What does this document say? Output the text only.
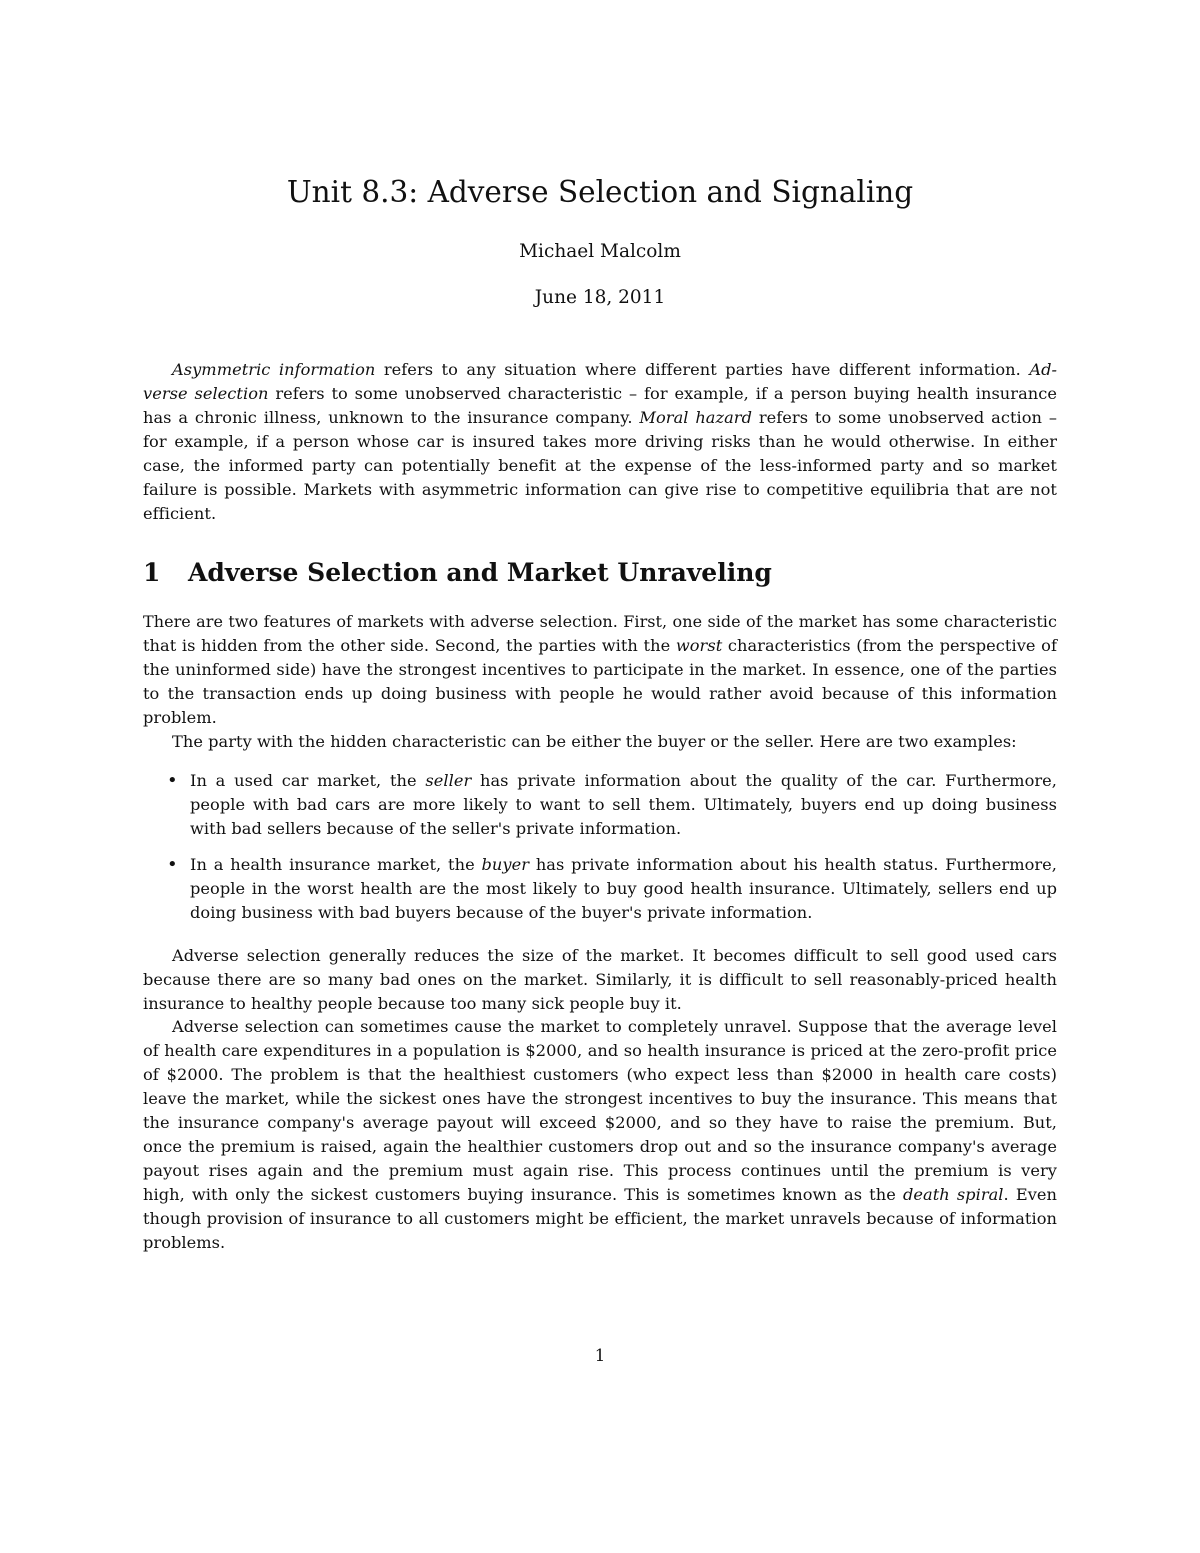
Unit 8.3: Adverse Selection and Signaling
Michael Malcolm
June 18, 2011
Asymmetric information refers to any situation where different parties have different information. Ad-
verse selection refers to some unobserved characteristic – for example, if a person buying health insurance
has a chronic illness, unknown to the insurance company. Moral hazard refers to some unobserved action –
for example, if a person whose car is insured takes more driving risks than he would otherwise. In either
case, the informed party can potentially benefit at the expense of the less-informed party and so market
failure is possible. Markets with asymmetric information can give rise to competitive equilibria that are not
efficient.
1 Adverse Selection and Market Unraveling
There are two features of markets with adverse selection. First, one side of the market has some characteristic
that is hidden from the other side. Second, the parties with the worst characteristics (from the perspective of
the uninformed side) have the strongest incentives to participate in the market. In essence, one of the parties
to the transaction ends up doing business with people he would rather avoid because of this information
problem.
The party with the hidden characteristic can be either the buyer or the seller. Here are two examples:
• In a used car market, the seller has private information about the quality of the car. Furthermore,
people with bad cars are more likely to want to sell them. Ultimately, buyers end up doing business
with bad sellers because of the seller's private information.
• In a health insurance market, the buyer has private information about his health status. Furthermore,
people in the worst health are the most likely to buy good health insurance. Ultimately, sellers end up
doing business with bad buyers because of the buyer's private information.
Adverse selection generally reduces the size of the market. It becomes difficult to sell good used cars
because there are so many bad ones on the market. Similarly, it is difficult to sell reasonably-priced health
insurance to healthy people because too many sick people buy it.
Adverse selection can sometimes cause the market to completely unravel. Suppose that the average level
of health care expenditures in a population is $2000, and so health insurance is priced at the zero-profit price
of $2000. The problem is that the healthiest customers (who expect less than $2000 in health care costs)
leave the market, while the sickest ones have the strongest incentives to buy the insurance. This means that
the insurance company's average payout will exceed $2000, and so they have to raise the premium. But,
once the premium is raised, again the healthier customers drop out and so the insurance company's average
payout rises again and the premium must again rise. This process continues until the premium is very
high, with only the sickest customers buying insurance. This is sometimes known as the death spiral. Even
though provision of insurance to all customers might be efficient, the market unravels because of information
problems.
1
